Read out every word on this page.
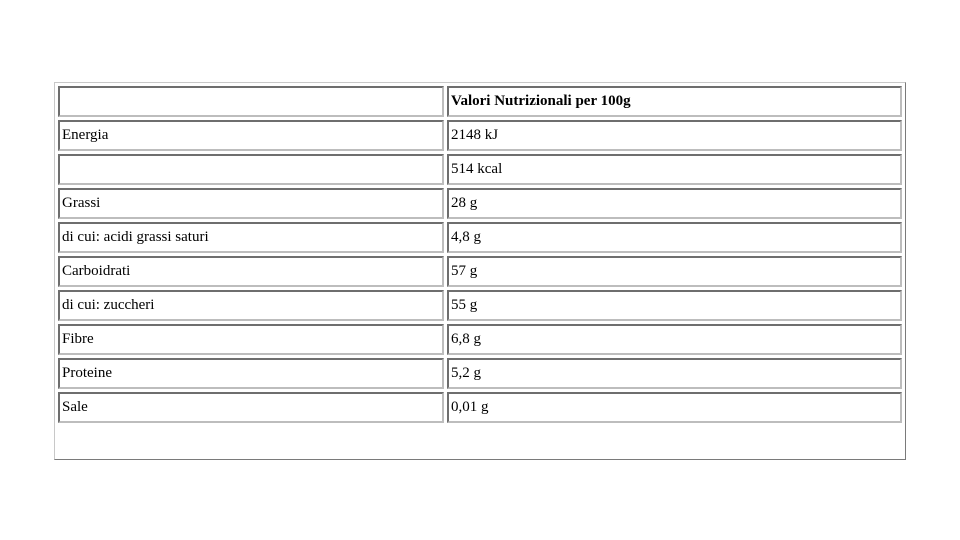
	Valori Nutrizionali per 100g
Energia	2148 kJ
	514 kcal
Grassi	28 g
di cui: acidi grassi saturi	4,8 g
Carboidrati	57 g
di cui: zuccheri	55 g
Fibre	6,8 g
Proteine	5,2 g
Sale	0,01 g
